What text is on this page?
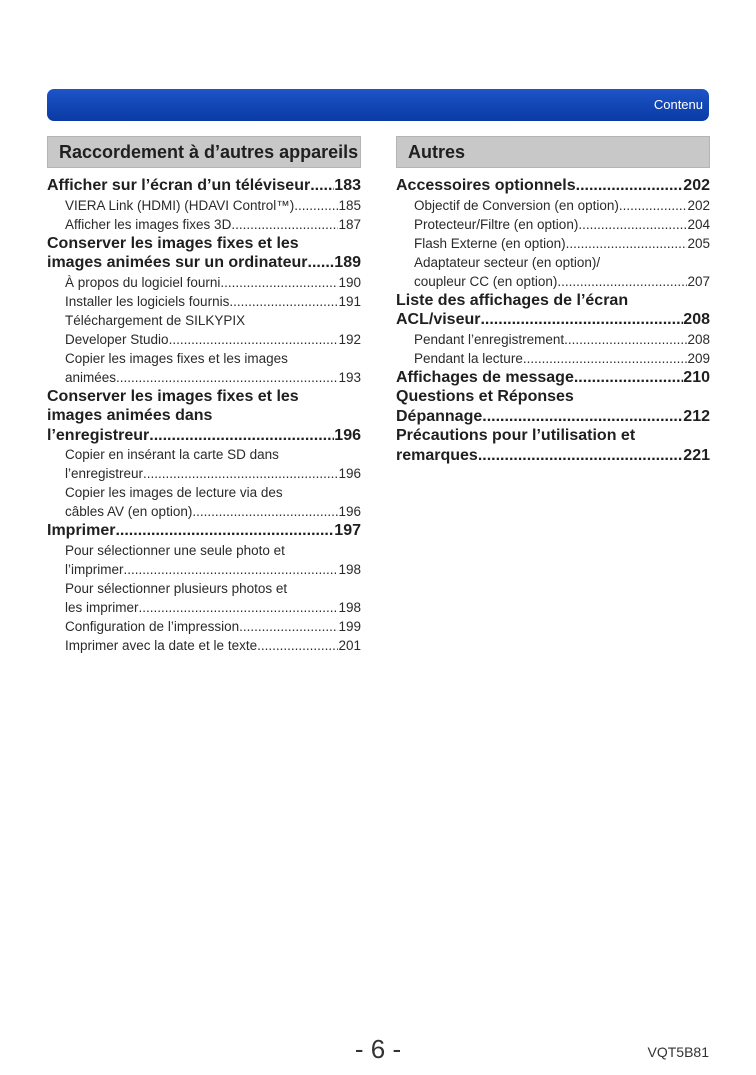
Contenu
Raccordement à d’autres appareils
Afficher sur l’écran d’un téléviseur ..... 183
VIERA Link (HDMI) (HDAVI Control™) .....	185
Afficher les images fixes 3D .....	187
Conserver les images fixes et les
images animées sur un ordinateur ..... 189
À propos du logiciel fourni .....	190
Installer les logiciels fournis .....	191
Téléchargement de SILKYPIX
Developer Studio .....	192
Copier les images fixes et les images
animées .....	193
Conserver les images fixes et les
images animées dans
l’enregistreur .....	196
Copier en insérant la carte SD dans
l’enregistreur .....	196
Copier les images de lecture via des
câbles AV (en option) .....	196
Imprimer .....	197
Pour sélectionner une seule photo et
l’imprimer .....	198
Pour sélectionner plusieurs photos et
les imprimer .....	198
Configuration de l’impression .....	199
Imprimer avec la date et le texte .....	201
Autres
Accessoires optionnels .....	202
Objectif de Conversion (en option) .....	202
Protecteur/Filtre (en option) .....	204
Flash Externe (en option) .....	205
Adaptateur secteur (en option)/
coupleur CC (en option) .....	207
Liste des affichages de l’écran
ACL/viseur .....	208
Pendant l’enregistrement .....	208
Pendant la lecture .....	209
Affichages de message .....	210
Questions et Réponses
Dépannage .....	212
Précautions pour l’utilisation et
remarques .....	221
- 6 -	VQT5B81
